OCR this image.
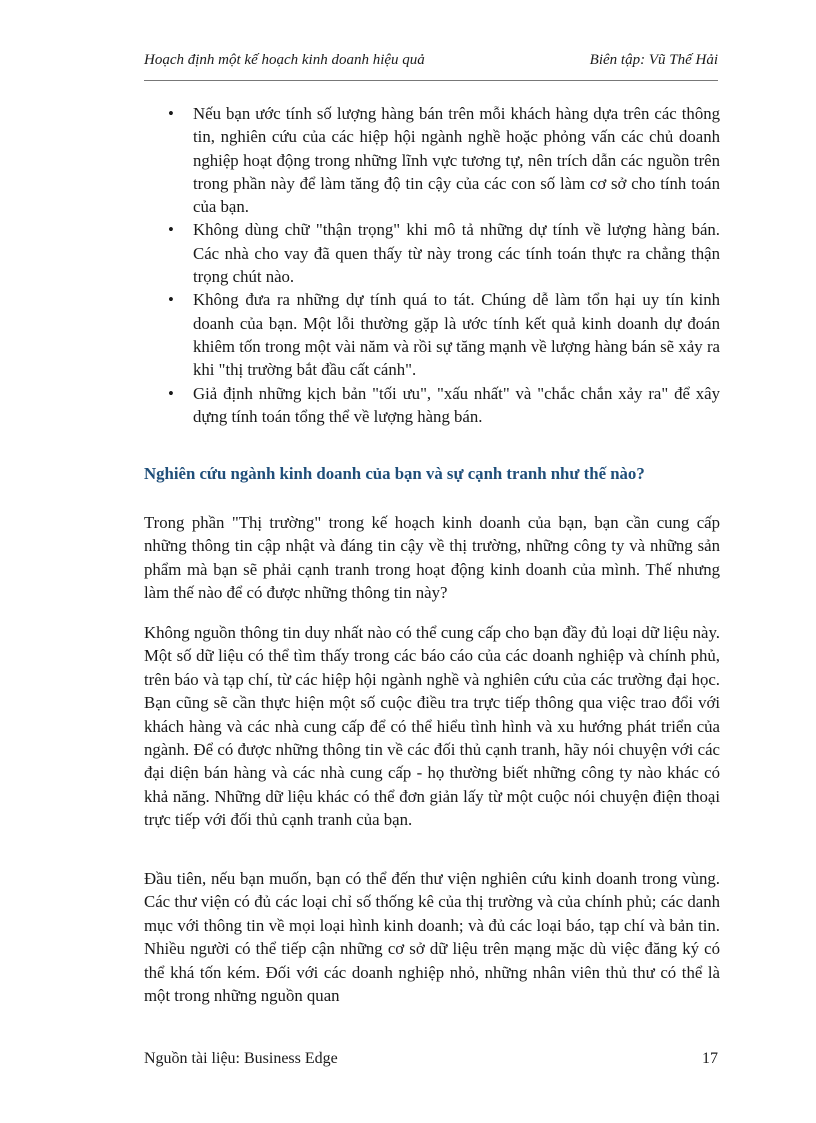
Hoạch định một kế hoạch kinh doanh hiệu quả	Biên tập: Vũ Thế Hải
• Nếu bạn ước tính số lượng hàng bán trên mỗi khách hàng dựa trên các thông tin, nghiên cứu của các hiệp hội ngành nghề hoặc phỏng vấn các chủ doanh nghiệp hoạt động trong những lĩnh vực tương tự, nên trích dẫn các nguồn trên trong phần này để làm tăng độ tin cậy của các con số làm cơ sở cho tính toán của bạn.
• Không dùng chữ "thận trọng" khi mô tả những dự tính về lượng hàng bán. Các nhà cho vay đã quen thấy từ này trong các tính toán thực ra chẳng thận trọng chút nào.
• Không đưa ra những dự tính quá to tát. Chúng dễ làm tổn hại uy tín kinh doanh của bạn. Một lỗi thường gặp là ước tính kết quả kinh doanh dự đoán khiêm tốn trong một vài năm và rồi sự tăng mạnh về lượng hàng bán sẽ xảy ra khi "thị trường bắt đầu cất cánh".
• Giả định những kịch bản "tối ưu", "xấu nhất" và "chắc chắn xảy ra" để xây dựng tính toán tổng thể về lượng hàng bán.
Nghiên cứu ngành kinh doanh của bạn và sự cạnh tranh như thế nào?

Trong phần "Thị trường" trong kế hoạch kinh doanh của bạn, bạn cần cung cấp những thông tin cập nhật và đáng tin cậy về thị trường, những công ty và những sản phẩm mà bạn sẽ phải cạnh tranh trong hoạt động kinh doanh của mình. Thế nhưng làm thế nào để có được những thông tin này?

Không nguồn thông tin duy nhất nào có thể cung cấp cho bạn đầy đủ loại dữ liệu này. Một số dữ liệu có thể tìm thấy trong các báo cáo của các doanh nghiệp và chính phủ, trên báo và tạp chí, từ các hiệp hội ngành nghề và nghiên cứu của các trường đại học. Bạn cũng sẽ cần thực hiện một số cuộc điều tra trực tiếp thông qua việc trao đổi với khách hàng và các nhà cung cấp để có thể hiểu tình hình và xu hướng phát triển của ngành. Để có được những thông tin về các đối thủ cạnh tranh, hãy nói chuyện với các đại diện bán hàng và các nhà cung cấp - họ thường biết những công ty nào khác có khả năng. Những dữ liệu khác có thể đơn giản lấy từ một cuộc nói chuyện điện thoại trực tiếp với đối thủ cạnh tranh của bạn.

Đầu tiên, nếu bạn muốn, bạn có thể đến thư viện nghiên cứu kinh doanh trong vùng. Các thư viện có đủ các loại chỉ số thống kê của thị trường và của chính phủ; các danh mục với thông tin về mọi loại hình kinh doanh; và đủ các loại báo, tạp chí và bản tin. Nhiều người có thể tiếp cận những cơ sở dữ liệu trên mạng mặc dù việc đăng ký có thể khá tốn kém. Đối với các doanh nghiệp nhỏ, những nhân viên thủ thư có thể là một trong những nguồn quan

Nguồn tài liệu: Business Edge	17
